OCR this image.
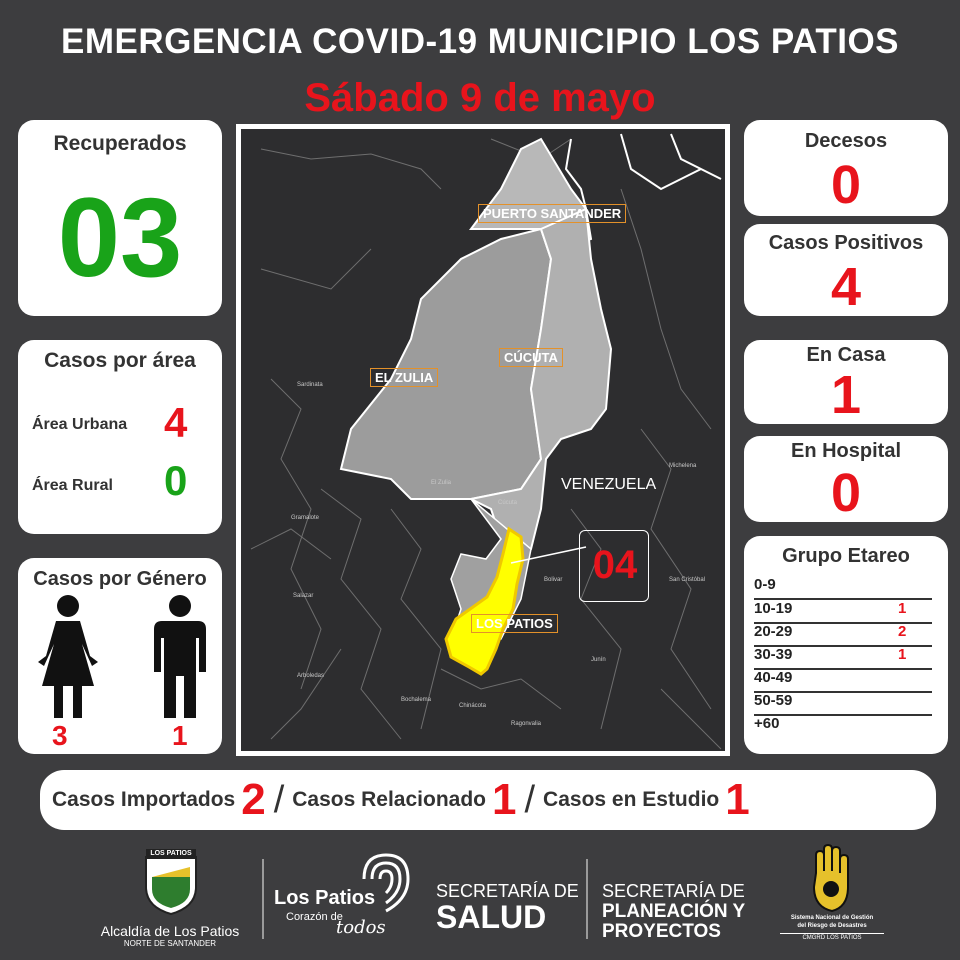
EMERGENCIA COVID-19 MUNICIPIO LOS PATIOS
Sábado 9 de mayo
Recuperados
03
Casos por área
Área Urbana 4
Área Rural 0
Casos por Género
3	1
Sardinata
Gramalote
Salazar
Arboledas
El Zulia
Cúcuta
Bolivar
Chinácota
Bochalema
Ragonvalia
Junín
San Cristóbal
Michelena
PUERTO SANTANDER
EL ZULIA
CÚCUTA
VENEZUELA
LOS PATIOS
04
Decesos
0
Casos Positivos
4
En Casa
1
En Hospital
0
Grupo Etareo
0-9
10-19	1
20-29	2
30-39	1
40-49
50-59
+60
Casos Importados 2 / Casos Relacionado 1 / Casos en Estudio 1
LOS PATIOS
Alcaldía de Los Patios
NORTE DE SANTANDER
Los Patios
Corazón de
todos
SECRETARÍA DE
SALUD
SECRETARÍA DE
PLANEACIÓN Y
PROYECTOS
Sistema Nacional de Gestión
del Riesgo de Desastres
CMGRD LOS PATIOS
